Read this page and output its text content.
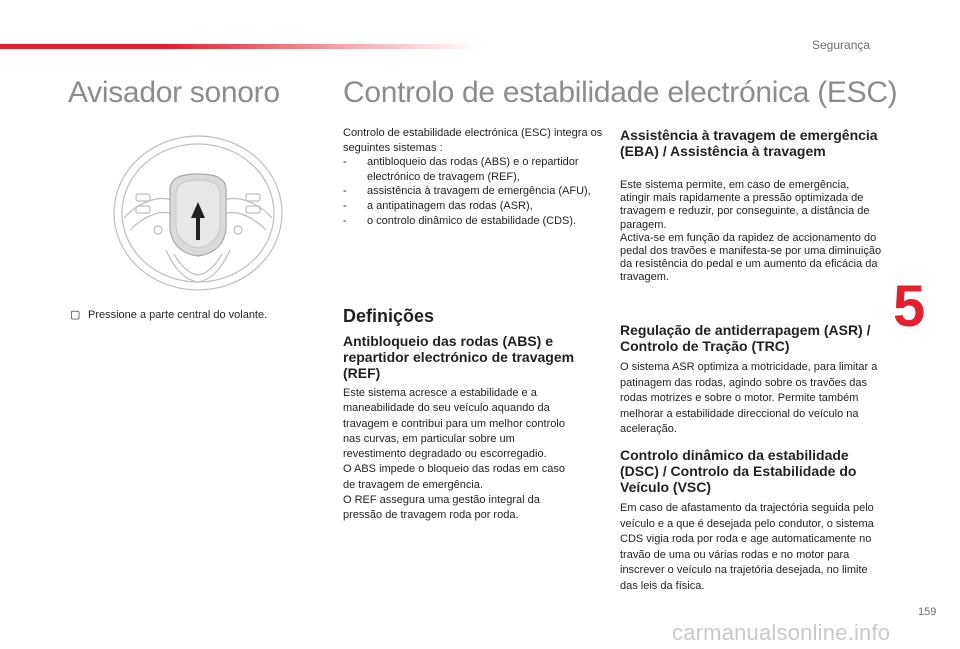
Segurança
Avisador sonoro Controlo de estabilidade electrónica (ESC)
▢ Pressione a parte central do volante.

Controlo de estabilidade electrónica (ESC) integra os seguintes sistemas :

- antibloqueio das rodas (ABS) e o repartidor electrónico de travagem (REF),
- assistência à travagem de emergência (AFU),
- a antipatinagem das rodas (ASR),
- o controlo dinâmico de estabilidade (CDS).
Definições
Antibloqueio das rodas (ABS) e repartidor electrónico de travagem (REF)

Este sistema acresce a estabilidade e a maneabilidade do seu veículo aquando da travagem e contribui para um melhor controlo nas curvas, em particular sobre um revestimento degradado ou escorregadio.

O ABS impede o bloqueio das rodas em caso de travagem de emergência.

O REF assegura uma gestão integral da pressão de travagem roda por roda.

Assistência à travagem de emergência (EBA) / Assistência à travagem

Este sistema permite, em caso de emergência, atingir mais rapidamente a pressão optimizada de travagem e reduzir, por conseguinte, a distância de paragem.

Activa-se em função da rapidez de accionamento do pedal dos travões e manifesta-se por uma diminuição da resistência do pedal e um aumento da eficácia da travagem.

Regulação de antiderrapagem (ASR) / Controlo de Tração (TRC)
O sistema ASR optimiza a motricidade, para limitar a patinagem das rodas, agindo sobre os travões das rodas motrizes e sobre o motor. Permite também melhorar a estabilidade direccional do veículo na aceleração.
Controlo dinâmico da estabilidade (DSC) / Controlo da Estabilidade do Veículo (VSC)
Em caso de afastamento da trajectória seguida pelo veículo e a que é desejada pelo condutor, o sistema CDS vigia roda por roda e age automaticamente no travão de uma ou várias rodas e no motor para inscrever o veículo na trajetória desejada, no limite das leis da física.
5
159
carmanualsonline.info
